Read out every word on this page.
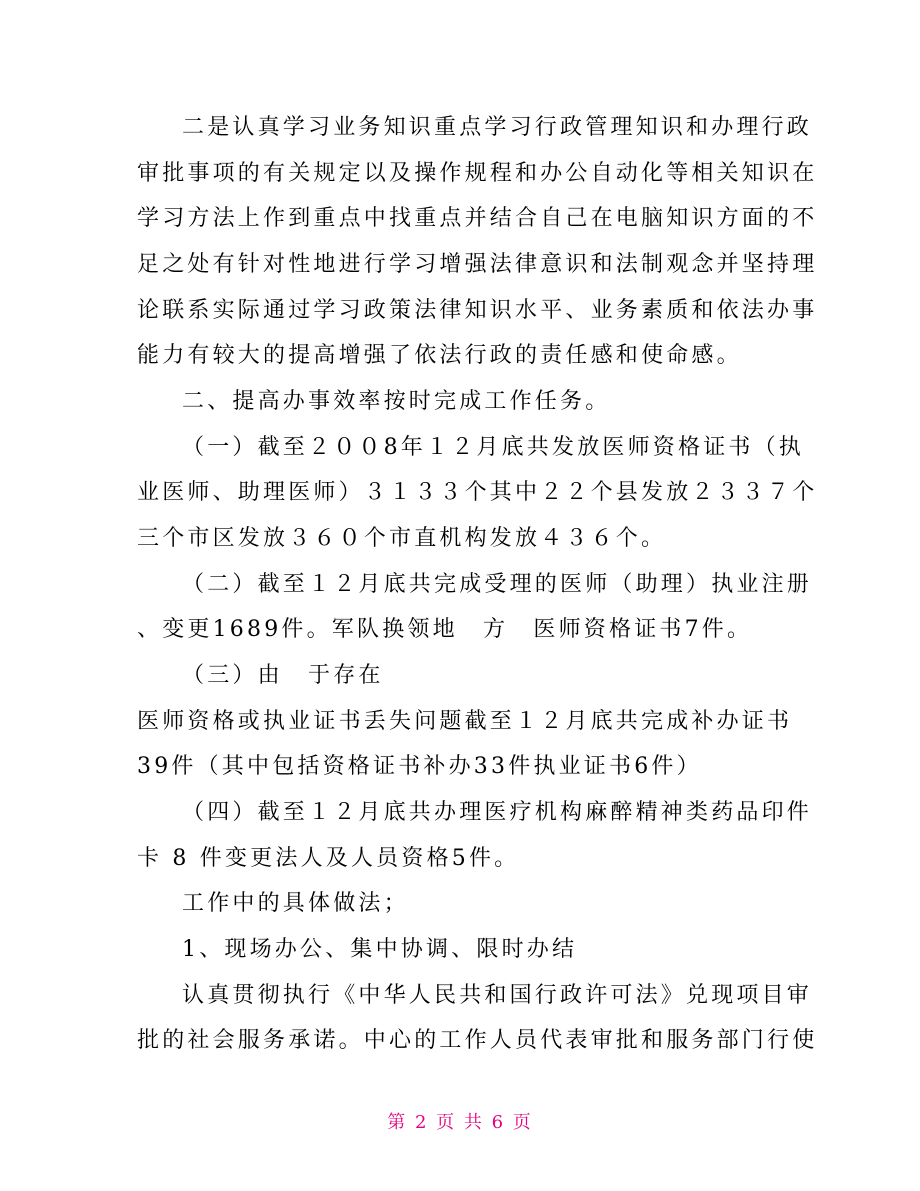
二是认真学习业务知识重点学习行政管理知识和办理行政
审批事项的有关规定以及操作规程和办公自动化等相关知识在
学习方法上作到重点中找重点并结合自己在电脑知识方面的不
足之处有针对性地进行学习增强法律意识和法制观念并坚持理
论联系实际通过学习政策法律知识水平、业务素质和依法办事
能力有较大的提高增强了依法行政的责任感和使命感。
二、提高办事效率按时完成工作任务。
（一）截至２００8年１２月底共发放医师资格证书（执
业医师、助理医师）３１３３个其中２２个县发放２３３７个
三个市区发放３６０个市直机构发放４３６个。
（二）截至１２月底共完成受理的医师（助理）执业注册
、变更1689件。军队换领地　方　医师资格证书7件。
（三）由　于存在
医师资格或执业证书丢失问题截至１２月底共完成补办证书
39件（其中包括资格证书补办33件执业证书6件）
（四）截至１２月底共办理医疗机构麻醉精神类药品印件
卡 8 件变更法人及人员资格5件。
工作中的具体做法；
1、现场办公、集中协调、限时办结
认真贯彻执行《中华人民共和国行政许可法》兑现项目审
批的社会服务承诺。中心的工作人员代表审批和服务部门行使
第 2 页 共 6 页
